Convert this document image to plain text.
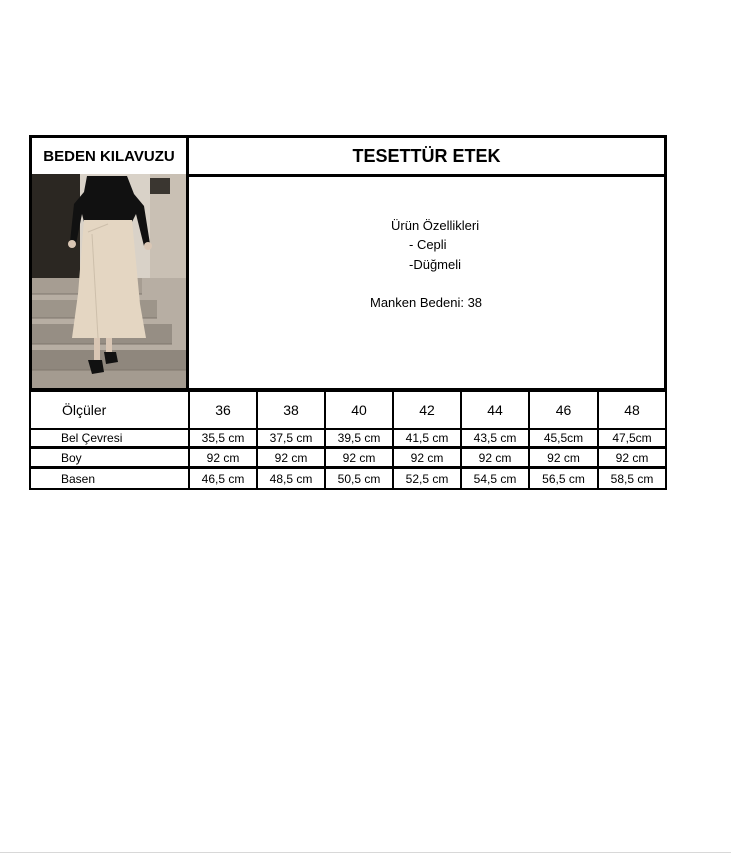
BEDEN KILAVUZU	TESETTÜR ETEK
Ürün Özellikleri
- Cepli
-Düğmeli
Manken Bedeni: 38
Ölçüler	36	38	40	42	44	46	48
Bel Çevresi	35,5 cm	37,5 cm	39,5 cm	41,5 cm	43,5 cm	45,5cm	47,5cm
Boy	92 cm	92 cm	92 cm	92 cm	92 cm	92 cm	92 cm
Basen	46,5 cm	48,5 cm	50,5 cm	52,5 cm	54,5 cm	56,5 cm	58,5 cm
